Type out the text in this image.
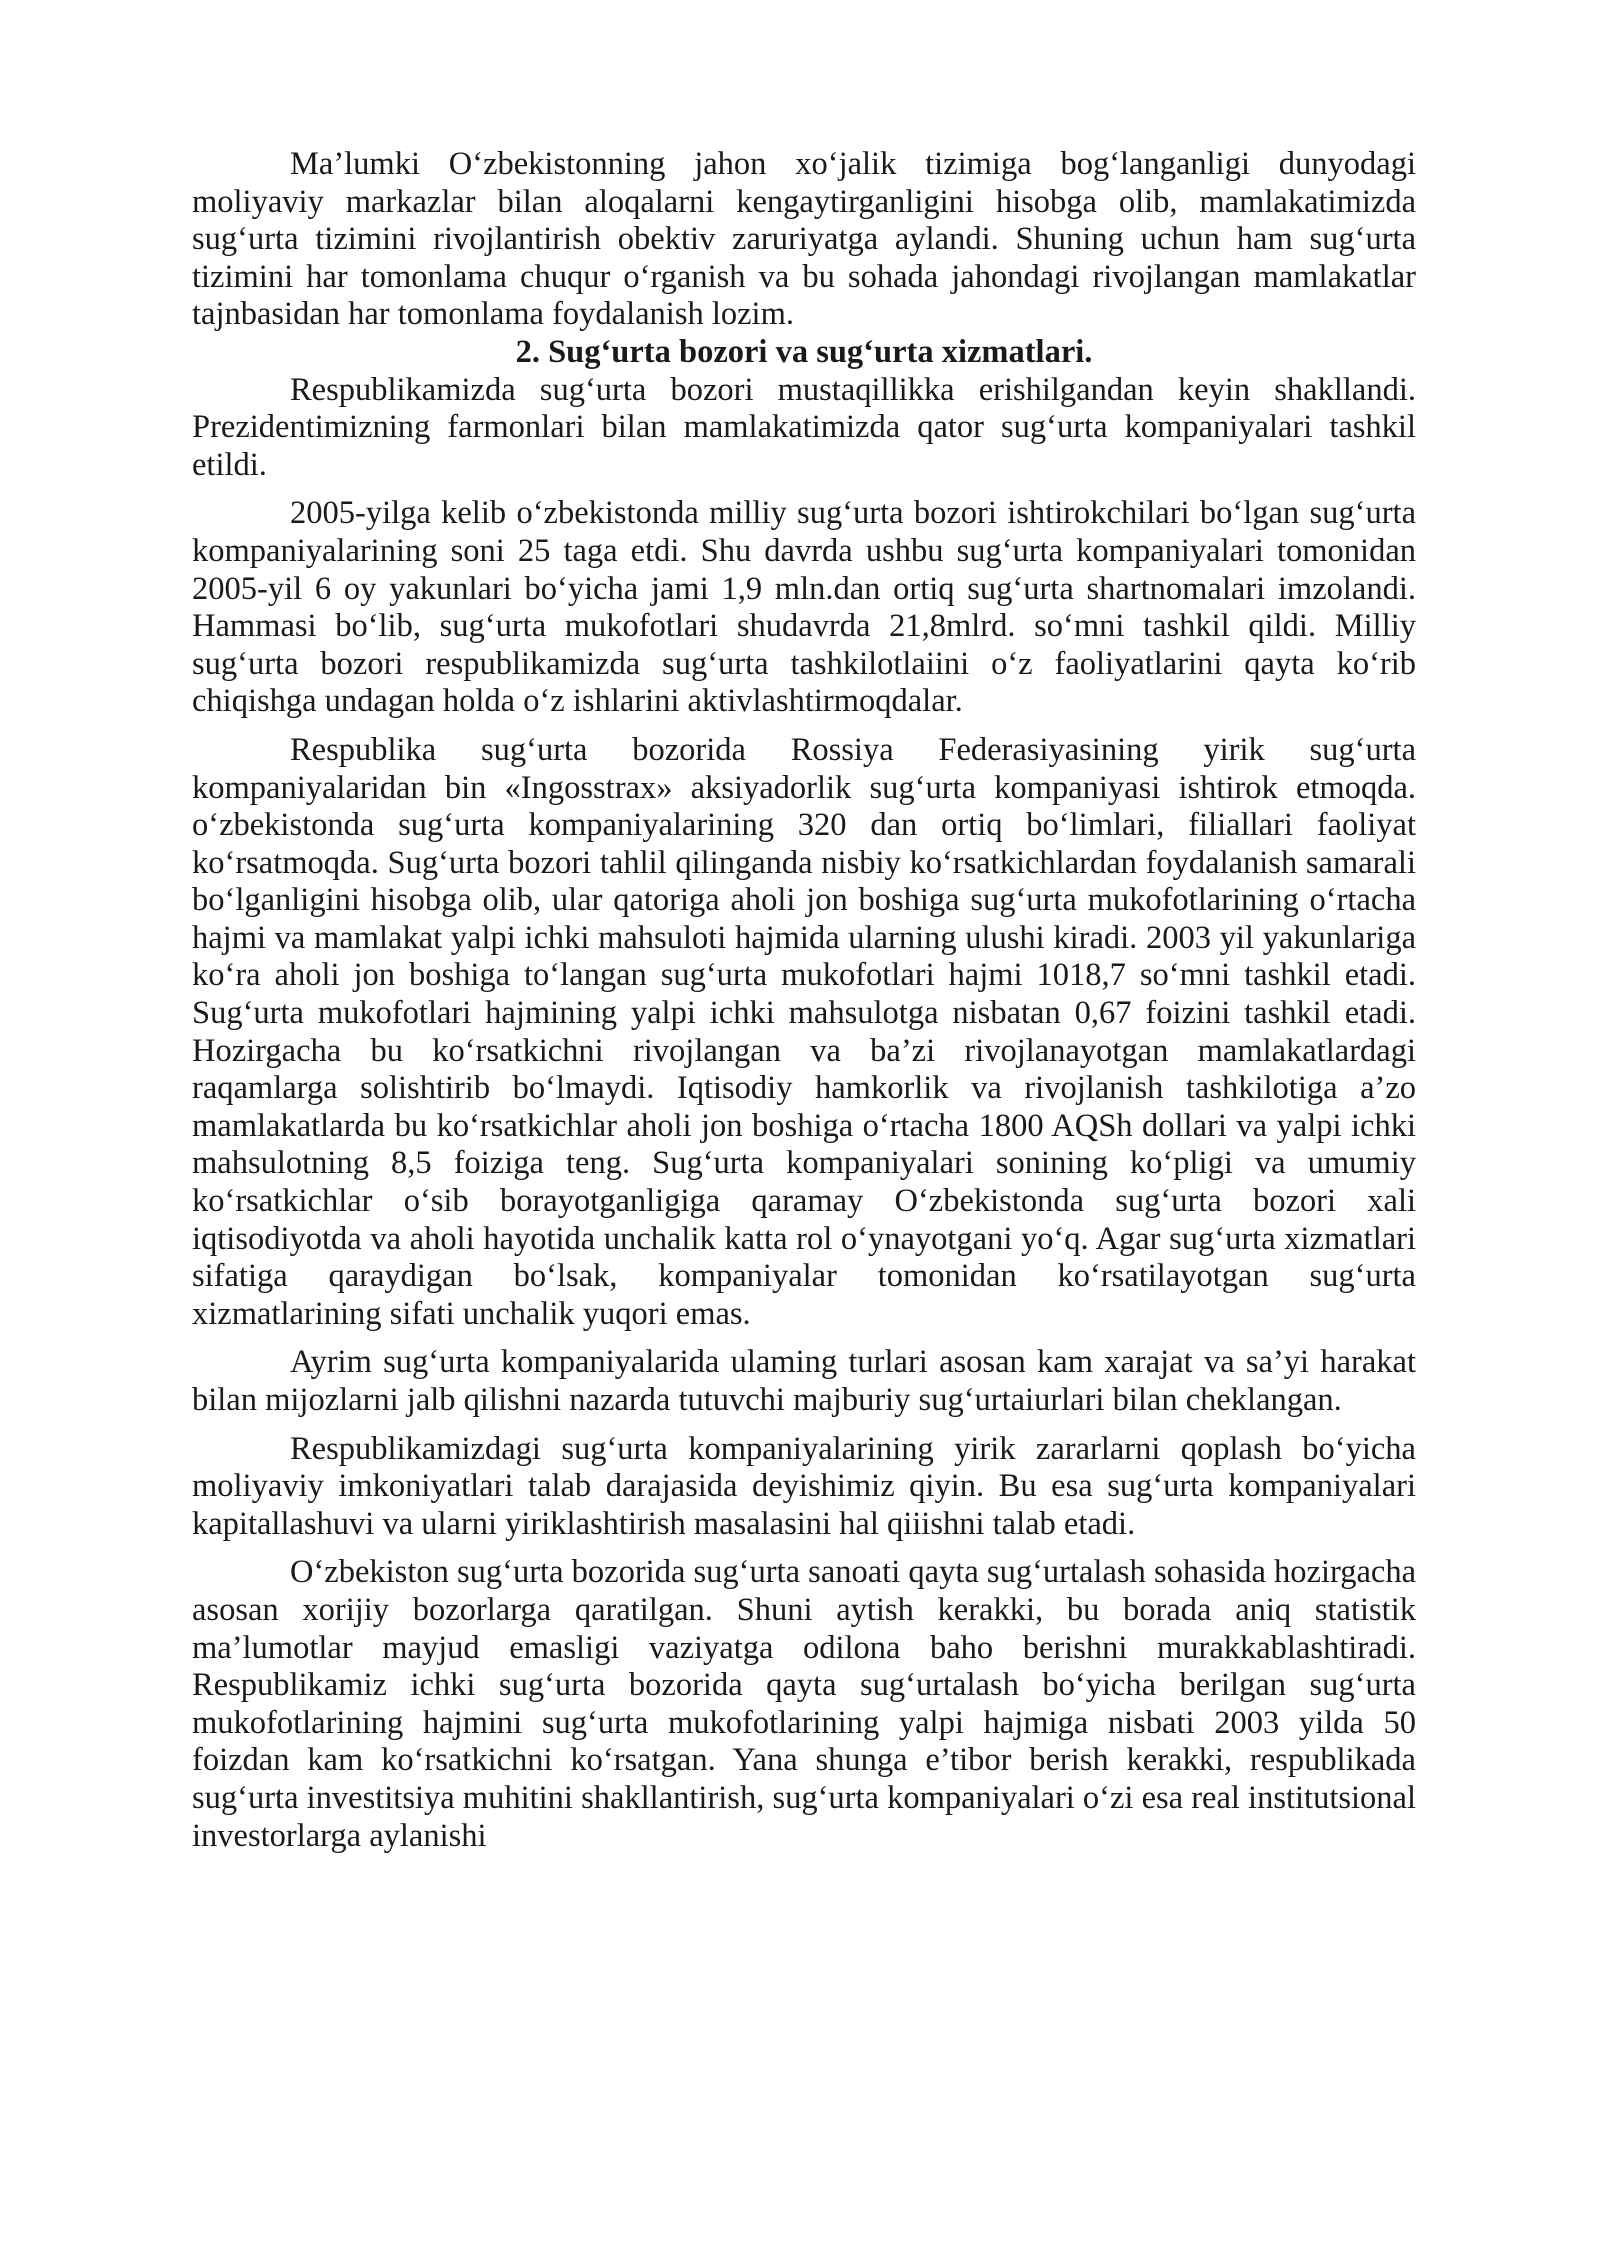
Ma’lumki O‘zbekistonning jahon xo‘jalik tizimiga bog‘langanligi dunyodagi moliyaviy markazlar bilan aloqalarni kengaytirganligini hisobga olib, mamlakatimizda sug‘urta tizimini rivojlantirish obektiv zaruriyatga aylandi. Shuning uchun ham sug‘urta tizimini har tomonlama chuqur o‘rganish va bu sohada jahondagi rivojlangan mamlakatlar tajnbasidan har tomonlama foydalanish lozim.

2. Sug‘urta bozori va sug‘urta xizmatlari.

Respublikamizda sug‘urta bozori mustaqillikka erishilgandan keyin shakllandi. Prezidentimizning farmonlari bilan mamlakatimizda qator sug‘urta kompaniyalari tashkil etildi.

2005-yilga kelib o‘zbekistonda milliy sug‘urta bozori ishtirokchilari bo‘lgan sug‘urta kompaniyalarining soni 25 taga etdi. Shu davrda ushbu sug‘urta kompaniyalari tomonidan 2005-yil 6 oy yakunlari bo‘yicha jami 1,9 mln.dan ortiq sug‘urta shartnomalari imzolandi. Hammasi bo‘lib, sug‘urta mukofotlari shudavrda 21,8mlrd. so‘mni tashkil qildi. Milliy sug‘urta bozori respublikamizda sug‘urta tashkilotlaiini o‘z faoliyatlarini qayta ko‘rib chiqishga undagan holda o‘z ishlarini aktivlashtirmoqdalar.

Respublika sug‘urta bozorida Rossiya Federasiyasining yirik sug‘urta kompaniyalaridan bin «Ingosstrax» aksiyadorlik sug‘urta kompaniyasi ishtirok etmoqda. o‘zbekistonda sug‘urta kompaniyalarining 320 dan ortiq bo‘limlari, filiallari faoliyat ko‘rsatmoqda. Sug‘urta bozori tahlil qilinganda nisbiy ko‘rsatkichlardan foydalanish samarali bo‘lganligini hisobga olib, ular qatoriga aholi jon boshiga sug‘urta mukofotlarining o‘rtacha hajmi va mamlakat yalpi ichki mahsuloti hajmida ularning ulushi kiradi. 2003 yil yakunlariga ko‘ra aholi jon boshiga to‘langan sug‘urta mukofotlari hajmi 1018,7 so‘mni tashkil etadi. Sug‘urta mukofotlari hajmining yalpi ichki mahsulotga nisbatan 0,67 foizini tashkil etadi. Hozirgacha bu ko‘rsatkichni rivojlangan va ba’zi rivojlanayotgan mamlakatlardagi raqamlarga solishtirib bo‘lmaydi. Iqtisodiy hamkorlik va rivojlanish tashkilotiga a’zo mamlakatlarda bu ko‘rsatkichlar aholi jon boshiga o‘rtacha 1800 AQSh dollari va yalpi ichki mahsulotning 8,5 foiziga teng. Sug‘urta kompaniyalari sonining ko‘pligi va umumiy ko‘rsatkichlar o‘sib borayotganligiga qaramay O‘zbekistonda sug‘urta bozori xali iqtisodiyotda va aholi hayotida unchalik katta rol o‘ynayotgani yo‘q. Agar sug‘urta xizmatlari sifatiga qaraydigan bo‘lsak, kompaniyalar tomonidan ko‘rsatilayotgan sug‘urta xizmatlarining sifati unchalik yuqori emas.

Ayrim sug‘urta kompaniyalarida ulaming turlari asosan kam xarajat va sa’yi harakat bilan mijozlarni jalb qilishni nazarda tutuvchi majburiy sug‘urtaiurlari bilan cheklangan.

Respublikamizdagi sug‘urta kompaniyalarining yirik zararlarni qoplash bo‘yicha moliyaviy imkoniyatlari talab darajasida deyishimiz qiyin. Bu esa sug‘urta kompaniyalari kapitallashuvi va ularni yiriklashtirish masalasini hal qiiishni talab etadi.

O‘zbekiston sug‘urta bozorida sug‘urta sanoati qayta sug‘urtalash sohasida hozirgacha asosan xorijiy bozorlarga qaratilgan. Shuni aytish kerakki, bu borada aniq statistik ma’lumotlar mayjud emasligi vaziyatga odilona baho berishni murakkablashtiradi. Respublikamiz ichki sug‘urta bozorida qayta sug‘urtalash bo‘yicha berilgan sug‘urta mukofotlarining hajmini sug‘urta mukofotlarining yalpi hajmiga nisbati 2003 yilda 50 foizdan kam ko‘rsatkichni ko‘rsatgan. Yana shunga e’tibor berish kerakki, respublikada sug‘urta investitsiya muhitini shakllantirish, sug‘urta kompaniyalari o‘zi esa real institutsional investorlarga aylanishi
